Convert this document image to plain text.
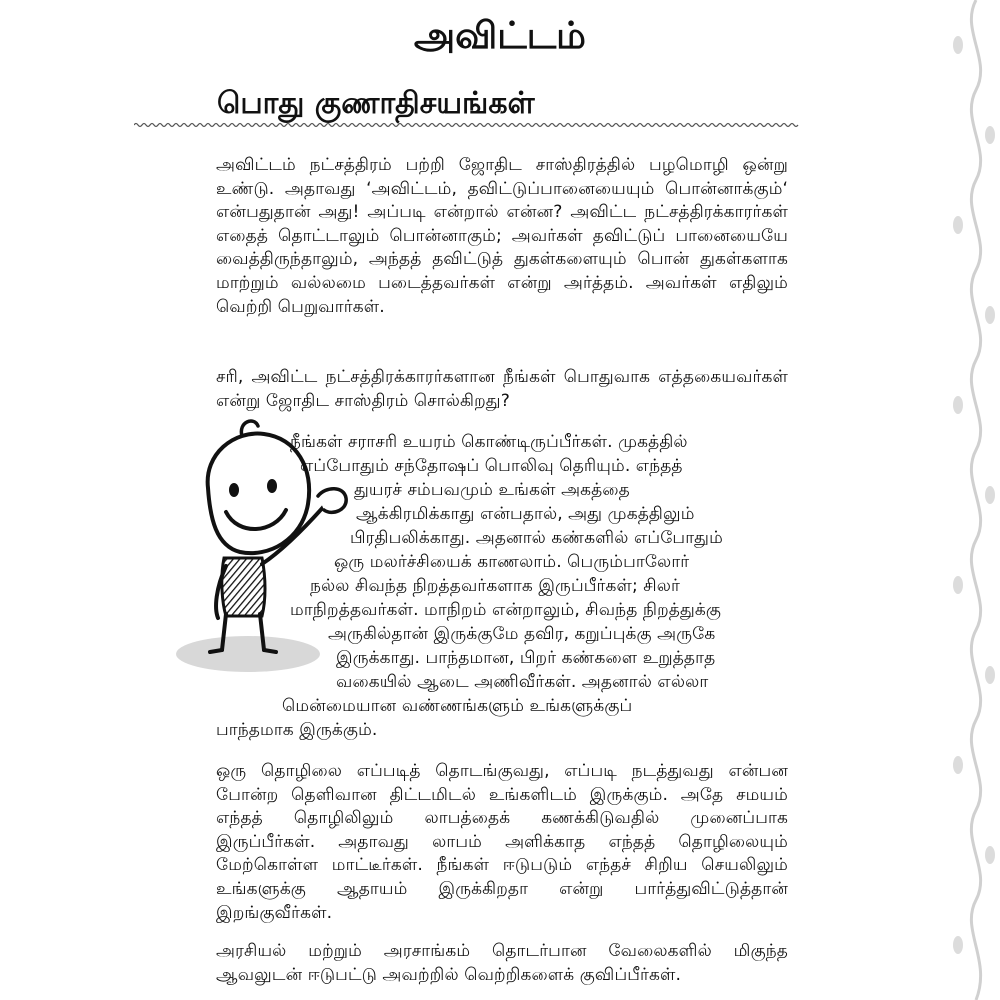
அவிட்டம்
பொது குணாதிசயங்கள்

அவிட்டம் நட்சத்திரம் பற்றி ஜோதிட சாஸ்திரத்தில் பழமொழி ஒன்று உண்டு. அதாவது ‘அவிட்டம், தவிட்டுப்பானையையும் பொன்னாக்கும்‘ என்பதுதான் அது! அப்படி என்றால் என்ன? அவிட்ட நட்சத்திரக்காரர்கள் எதைத் தொட்டாலும் பொன்னாகும்; அவர்கள் தவிட்டுப் பானையையே வைத்திருந்தாலும், அந்தத் தவிட்டுத் துகள்களையும் பொன் துகள்களாக மாற்றும் வல்லமை படைத்தவர்கள் என்று அர்த்தம். அவர்கள் எதிலும் வெற்றி பெறுவார்கள்.

சரி, அவிட்ட நட்சத்திரக்காரர்களான நீங்கள் பொதுவாக எத்தகையவர்கள் என்று ஜோதிட சாஸ்திரம் சொல்கிறது?

நீங்கள் சராசரி உயரம் கொண்டிருப்பீர்கள். முகத்தில்

எப்போதும் சந்தோஷப் பொலிவு தெரியும். எந்தத்

துயரச் சம்பவமும் உங்கள் அகத்தை

ஆக்கிரமிக்காது என்பதால், அது முகத்திலும்

பிரதிபலிக்காது. அதனால் கண்களில் எப்போதும்

ஒரு மலர்ச்சியைக் காணலாம். பெரும்பாலோர்

நல்ல சிவந்த நிறத்தவர்களாக இருப்பீர்கள்; சிலர்

மாநிறத்தவர்கள். மாநிறம் என்றாலும், சிவந்த நிறத்துக்கு

அருகில்தான் இருக்குமே தவிர, கறுப்புக்கு அருகே

இருக்காது. பாந்தமான, பிறர் கண்களை உறுத்தாத

வகையில் ஆடை அணிவீர்கள். அதனால் எல்லா

மென்மையான வண்ணங்களும் உங்களுக்குப்

பாந்தமாக இருக்கும்.

ஒரு தொழிலை எப்படித் தொடங்குவது, எப்படி நடத்துவது என்பன போன்ற தெளிவான திட்டமிடல் உங்களிடம் இருக்கும். அதே சமயம் எந்தத் தொழிலிலும் லாபத்தைக் கணக்கிடுவதில் முனைப்பாக இருப்பீர்கள். அதாவது லாபம் அளிக்காத எந்தத் தொழிலையும் மேற்கொள்ள மாட்டீர்கள். நீங்கள் ஈடுபடும் எந்தச் சிறிய செயலிலும் உங்களுக்கு ஆதாயம் இருக்கிறதா என்று பார்த்துவிட்டுத்தான் இறங்குவீர்கள்.

அரசியல் மற்றும் அரசாங்கம் தொடர்பான வேலைகளில் மிகுந்த ஆவலுடன் ஈடுபட்டு அவற்றில் வெற்றிகளைக் குவிப்பீர்கள்.
